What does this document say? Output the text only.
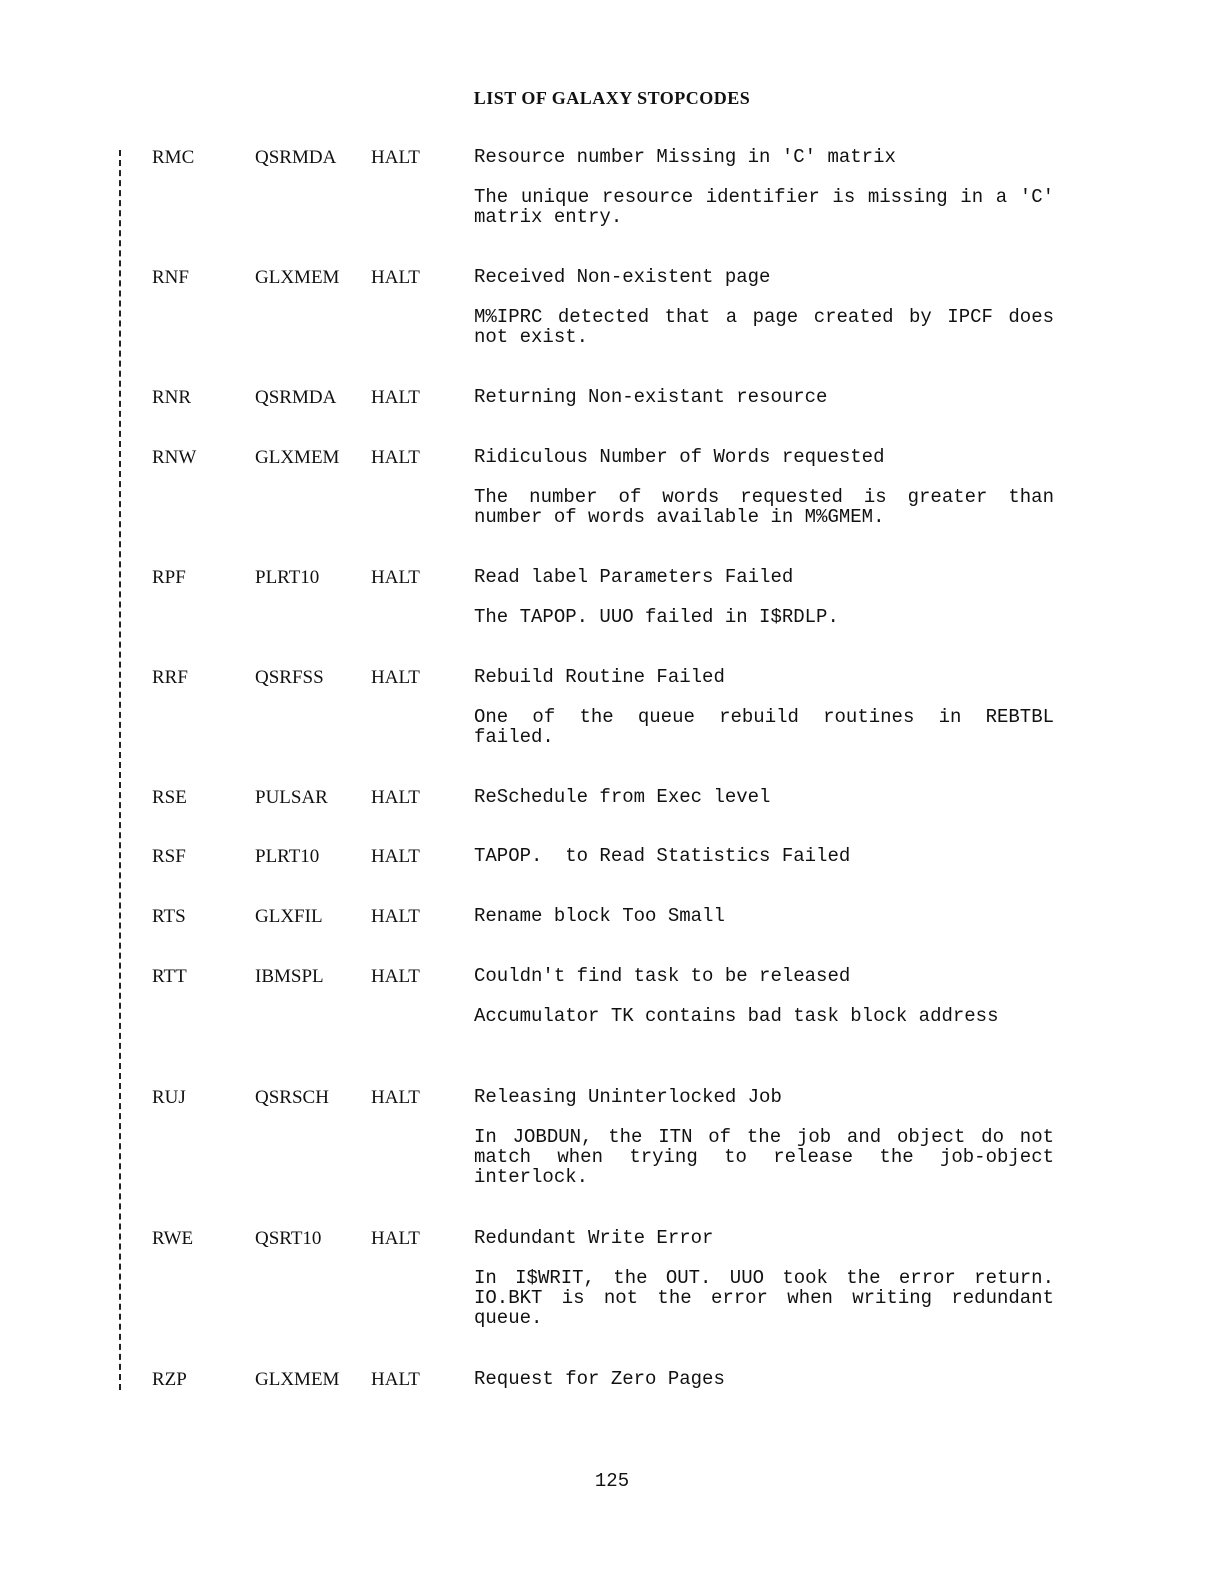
LIST OF GALAXY STOPCODES
RMC	QSRMDA HALT	Resource number Missing in 'C' matrix
The unique resource identifier is missing in a 'C' matrix entry.
RNF	GLXMEM HALT	Received Non-existent page
M%IPRC detected that a page created by IPCF does not exist.
RNR	QSRMDA HALT	Returning Non-existant resource
RNW	GLXMEM HALT	Ridiculous Number of Words requested
The number of words requested is greater than number of words available in M%GMEM.
RPF	PLRT10	HALT	Read label Parameters Failed
The TAPOP. UUO failed in I$RDLP.
RRF	QSRFSS HALT	Rebuild Routine Failed
One of the queue rebuild routines in REBTBL failed.
RSE	PULSAR HALT	ReSchedule from Exec level
RSF	PLRT10	HALT	TAPOP.  to Read Statistics Failed
RTS	GLXFIL	HALT	Rename block Too Small
RTT	IBMSPL HALT	Couldn't find task to be released
Accumulator TK contains bad task block address
RUJ	QSRSCH HALT	Releasing Uninterlocked Job
In JOBDUN, the ITN of the job and object do not match when trying to release the job-object interlock.
RWE	QSRT10	HALT	Redundant Write Error
In I$WRIT, the OUT. UUO took the error return. IO.BKT is not the error when writing redundant queue.
RZP	GLXMEM HALT	Request for Zero Pages
125
